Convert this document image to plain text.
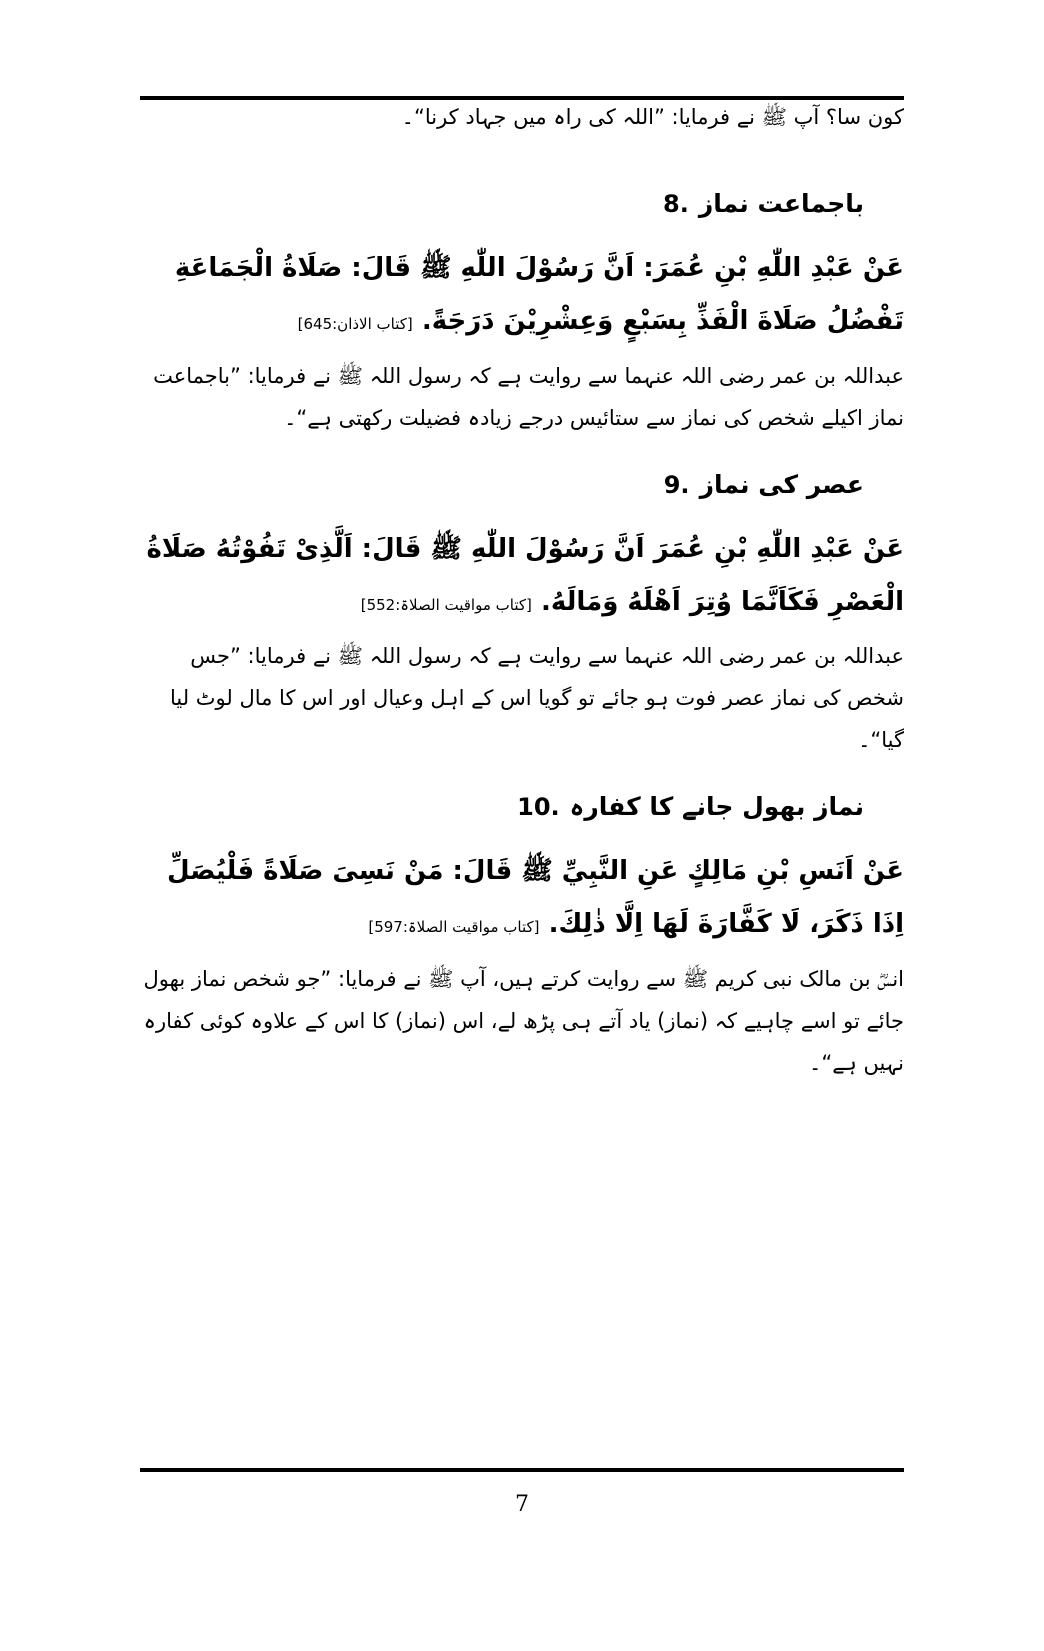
کون سا؟ آپ ﷺ نے فرمایا: ”اللہ کی راہ میں جہاد کرنا“۔
باجماعت نماز
8.
عَنْ عَبْدِ اللّٰهِ بْنِ عُمَرَ: اَنَّ رَسُوْلَ اللّٰهِ ﷺ قَالَ: صَلَاةُ الْجَمَاعَةِ تَفْضُلُ صَلَاةَ الْفَذِّ بِسَبْعٍ وَعِشْرِيْنَ دَرَجَةً. [کتاب الاذان:645]
عبداللہ بن عمر رضی اللہ عنہما سے روایت ہے کہ رسول اللہ ﷺ نے فرمایا: ”باجماعت نماز اکیلے شخص کی نماز سے ستائیس درجے زیادہ فضیلت رکھتی ہے“۔
عصر کی نماز
9.
عَنْ عَبْدِ اللّٰهِ بْنِ عُمَرَ اَنَّ رَسُوْلَ اللّٰهِ ﷺ قَالَ: اَلَّذِىْ تَفُوْتُهُ صَلَاةُ الْعَصْرِ فَكَاَنَّمَا وُتِرَ اَهْلَهُ وَمَالَهُ. [کتاب مواقیت الصلاۃ:552]
عبداللہ بن عمر رضی اللہ عنہما سے روایت ہے کہ رسول اللہ ﷺ نے فرمایا: ”جس شخص کی نماز عصر فوت ہو جائے تو گویا اس کے اہل وعیال اور اس کا مال لوٹ لیا گیا“۔
نماز بھول جانے کا کفارہ
10.
عَنْ اَنَسِ بْنِ مَالِكٍ عَنِ النَّبِيِّ ﷺ قَالَ: مَنْ نَسِىَ صَلَاةً فَلْيُصَلِّ اِذَا ذَكَرَ، لَا كَفَّارَةَ لَهَا اِلَّا ذٰلِكَ. [کتاب مواقیت الصلاۃ:597]
انسؓ بن مالک نبی کریم ﷺ سے روایت کرتے ہیں، آپ ﷺ نے فرمایا: ”جو شخص نماز بھول جائے تو اسے چاہیے کہ (نماز) یاد آتے ہی پڑھ لے، اس (نماز) کا اس کے علاوہ کوئی کفارہ نہیں ہے“۔
7
